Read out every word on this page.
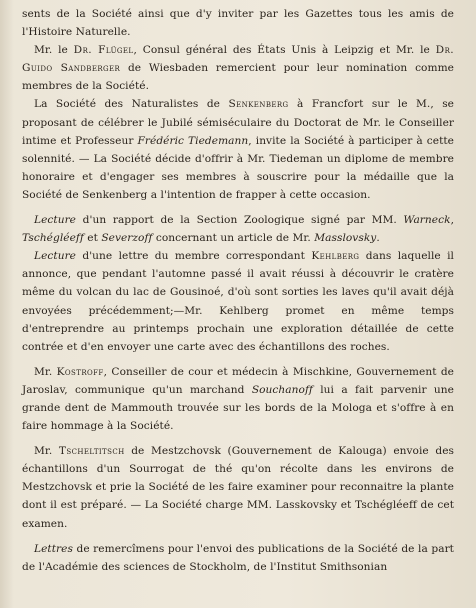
sents de la Société ainsi que d'y inviter par les Gazettes tous les amis de l'Histoire Naturelle.

Mr. le Dr. Flügel, Consul général des États Unis à Leipzig et Mr. le Dr. Guido Sandberger de Wiesbaden remercient pour leur nomination comme membres de la Société.

La Société des Naturalistes de Senkenberg à Francfort sur le M., se proposant de célébrer le Jubilé sémiséculaire du Doctorat de Mr. le Conseiller intime et Professeur Frédéric Tiedemann, invite la Société à participer à cette solennité. — La Société décide d'offrir à Mr. Tiedeman un diplome de membre honoraire et d'engager ses membres à souscrire pour la médaille que la Société de Senkenberg a l'intention de frapper à cette occasion.

Lecture d'un rapport de la Section Zoologique signé par MM. Warneck, Tschégléeff et Severzoff concernant un article de Mr. Masslovsky.

Lecture d'une lettre du membre correspondant Kehlberg dans laquelle il annonce, que pendant l'automne passé il avait réussi à découvrir le cratère même du volcan du lac de Gousinoé, d'où sont sorties les laves qu'il avait déjà envoyées précédemment;—Mr. Kehlberg promet en même temps d'entreprendre au printemps prochain une exploration détaillée de cette contrée et d'en envoyer une carte avec des échantillons des roches.

Mr. Kostroff, Conseiller de cour et médecin à Mischkine, Gouvernement de Jaroslav, communique qu'un marchand Souchanoff lui a fait parvenir une grande dent de Mammouth trouvée sur les bords de la Mologa et s'offre à en faire hommage à la Société.

Mr. Tscheltitsch de Mestzchovsk (Gouvernement de Kalouga) envoie des échantillons d'un Sourrogat de thé qu'on récolte dans les environs de Mestzchovsk et prie la Société de les faire examiner pour reconnaitre la plante dont il est préparé. — La Société charge MM. Lasskovsky et Tschégléeff de cet examen.

Lettres de remercîmens pour l'envoi des publications de la Société de la part de l'Académie des sciences de Stockholm, de l'Institut Smithsonian
